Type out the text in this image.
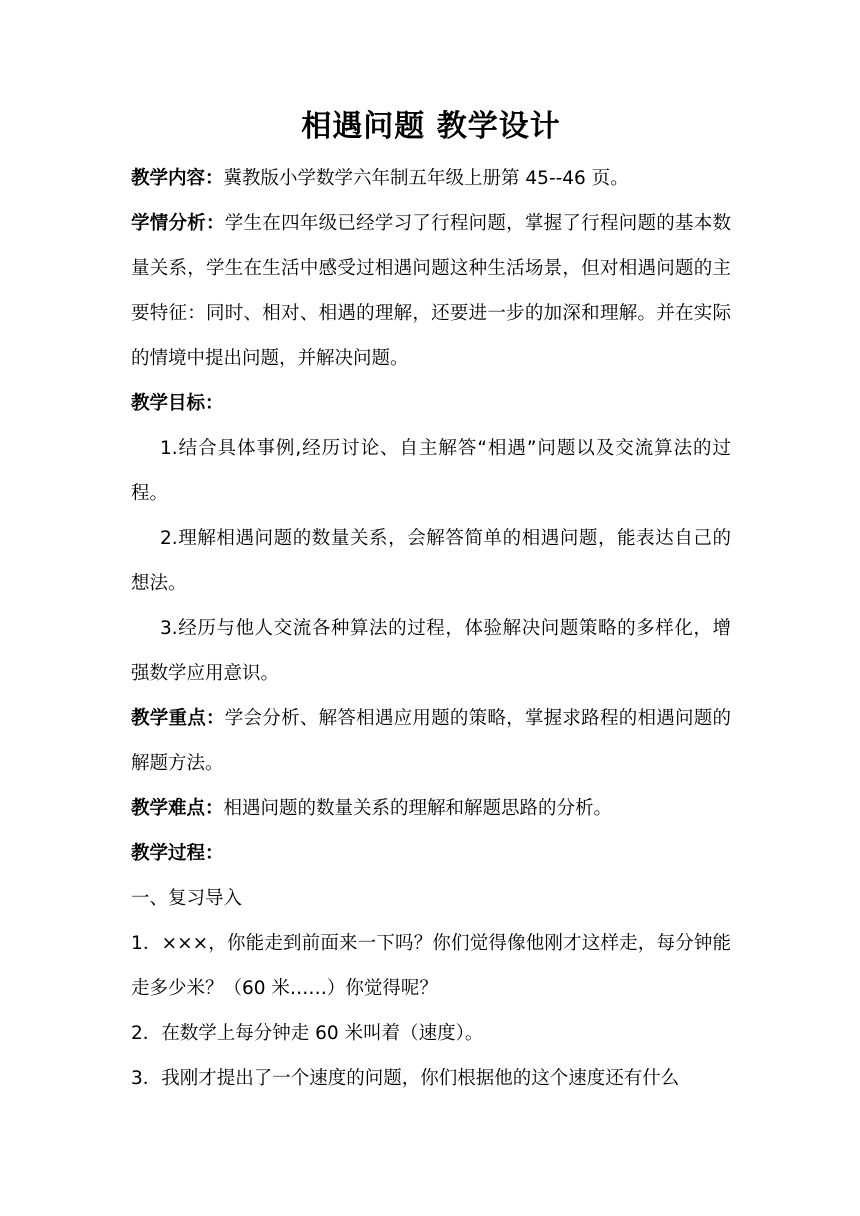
相遇问题 教学设计

教学内容：冀教版小学数学六年制五年级上册第 45--46 页。

学情分析：学生在四年级已经学习了行程问题，掌握了行程问题的基本数量关系，学生在生活中感受过相遇问题这种生活场景，但对相遇问题的主要特征：同时、相对、相遇的理解，还要进一步的加深和理解。并在实际的情境中提出问题，并解决问题。

教学目标：

1.结合具体事例,经历讨论、自主解答“相遇”问题以及交流算法的过程。

2.理解相遇问题的数量关系，会解答简单的相遇问题，能表达自己的想法。

3.经历与他人交流各种算法的过程，体验解决问题策略的多样化，增强数学应用意识。

教学重点：学会分析、解答相遇应用题的策略，掌握求路程的相遇问题的解题方法。

教学难点：相遇问题的数量关系的理解和解题思路的分析。

教学过程：

一、复习导入

1．×××，你能走到前面来一下吗？你们觉得像他刚才这样走，每分钟能走多少米？（60 米……）你觉得呢？

2．在数学上每分钟走 60 米叫着（速度）。

3．我刚才提出了一个速度的问题，你们根据他的这个速度还有什么
